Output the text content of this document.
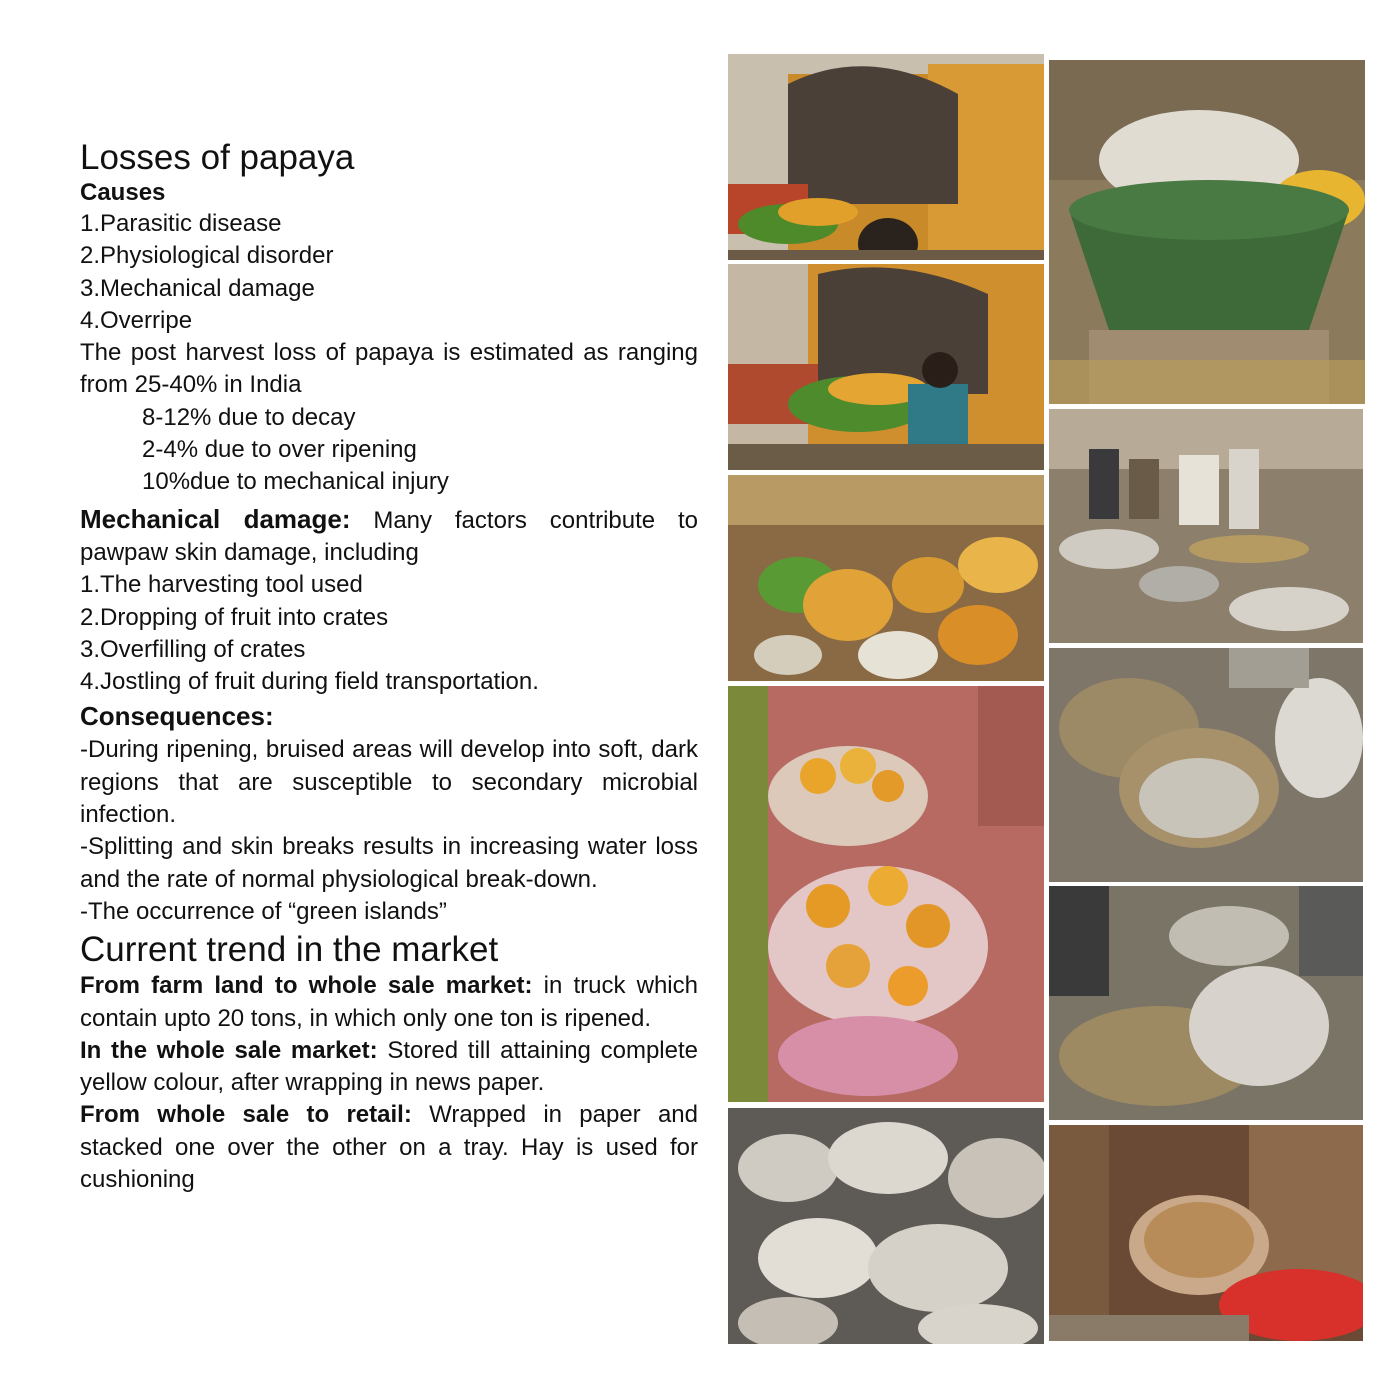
Losses of papaya

Causes

1.Parasitic disease

2.Physiological disorder

3.Mechanical damage

4.Overripe

The post harvest loss of papaya is estimated as ranging from 25-40% in India

8-12% due to decay

2-4% due to over ripening

10%due to mechanical injury

Mechanical damage: Many factors contribute to pawpaw skin damage, including

1.The harvesting tool used

2.Dropping of fruit into crates

3.Overfilling of crates

4.Jostling of fruit during field transportation.

Consequences:

-During ripening, bruised areas will develop into soft, dark regions that are susceptible to secondary microbial infection.

-Splitting and skin breaks results in increasing water loss and the rate of normal physiological break-down.

-The occurrence of “green islands”

Current trend in the market

From farm land to whole sale market: in truck which contain upto 20 tons, in which only one ton is ripened.

In the whole sale market: Stored till attaining complete yellow colour, after wrapping in news paper.

From whole sale to retail: Wrapped in paper and stacked one over the other on a tray. Hay is used for cushioning
